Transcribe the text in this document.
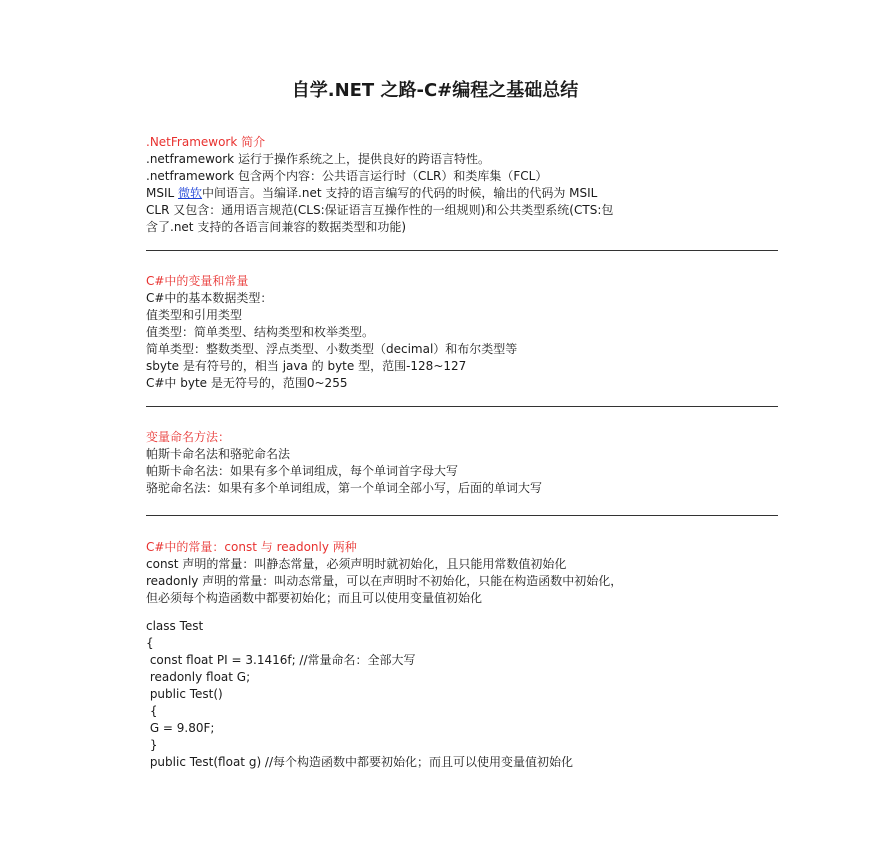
自学.NET 之路-C#编程之基础总结
.NetFramework 简介
.netframework 运行于操作系统之上，提供良好的跨语言特性。
.netframework 包含两个内容：公共语言运行时（CLR）和类库集（FCL）
MSIL 微软中间语言。当编译.net 支持的语言编写的代码的时候，输出的代码为 MSIL
CLR 又包含：通用语言规范(CLS:保证语言互操作性的一组规则)和公共类型系统(CTS:包
含了.net 支持的各语言间兼容的数据类型和功能)
C#中的变量和常量
C#中的基本数据类型：
值类型和引用类型
值类型：简单类型、结构类型和枚举类型。
简单类型：整数类型、浮点类型、小数类型（decimal）和布尔类型等
sbyte 是有符号的，相当 java 的 byte 型，范围-128~127
C#中 byte 是无符号的，范围0~255
变量命名方法：
帕斯卡命名法和骆驼命名法
帕斯卡命名法：如果有多个单词组成，每个单词首字母大写
骆驼命名法：如果有多个单词组成，第一个单词全部小写，后面的单词大写
C#中的常量：const 与 readonly 两种
const 声明的常量：叫静态常量，必须声明时就初始化，且只能用常数值初始化
readonly 声明的常量：叫动态常量，可以在声明时不初始化，只能在构造函数中初始化，
但必须每个构造函数中都要初始化；而且可以使用变量值初始化
class Test
{
const float PI = 3.1416f; //常量命名：全部大写
readonly float G;
public Test()
{
G = 9.80F;
}
public Test(float g) //每个构造函数中都要初始化；而且可以使用变量值初始化
